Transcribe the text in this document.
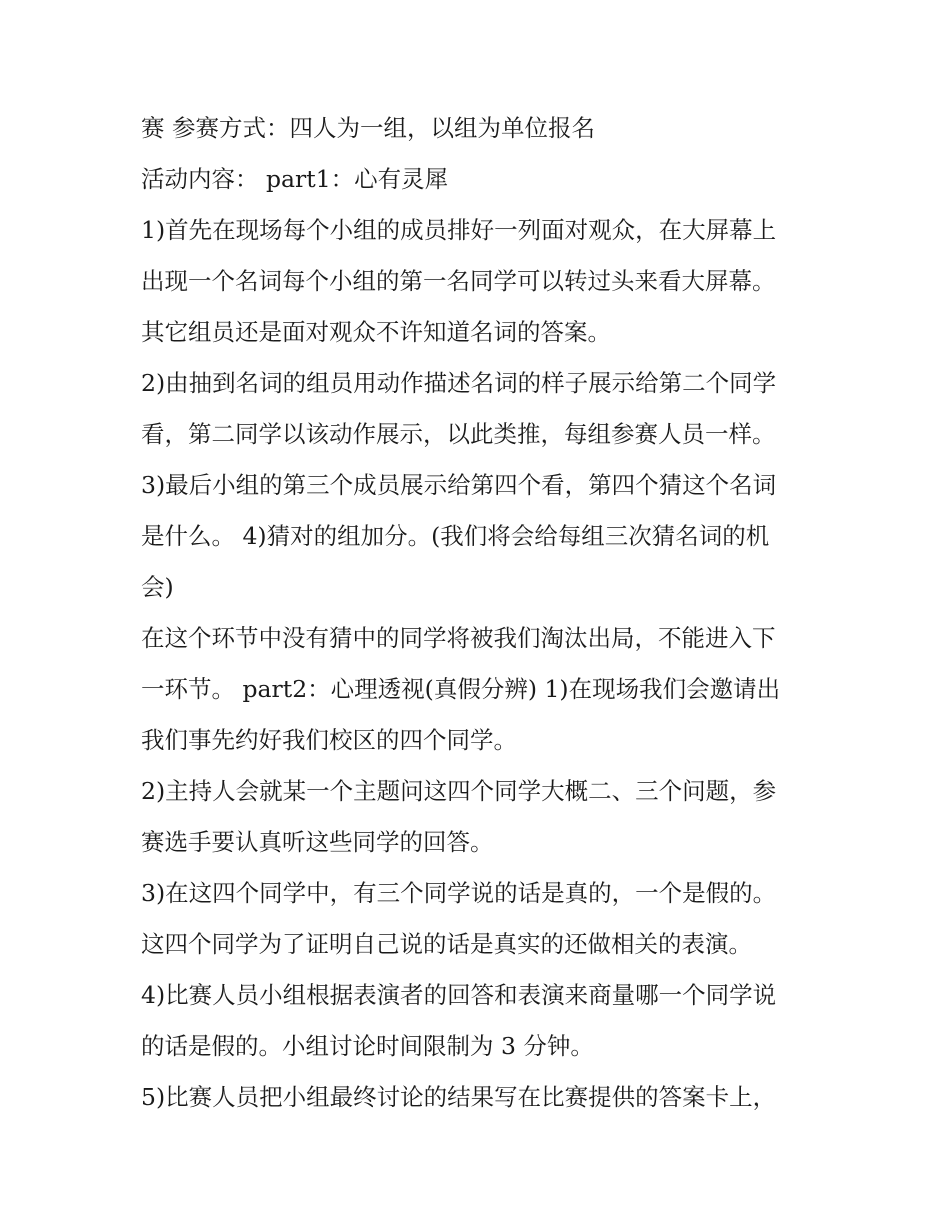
赛 参赛方式：四人为一组，以组为单位报名
活动内容： part1：心有灵犀
1)首先在现场每个小组的成员排好一列面对观众，在大屏幕上
出现一个名词每个小组的第一名同学可以转过头来看大屏幕。
其它组员还是面对观众不许知道名词的答案。
2)由抽到名词的组员用动作描述名词的样子展示给第二个同学
看，第二同学以该动作展示，以此类推，每组参赛人员一样。
3)最后小组的第三个成员展示给第四个看，第四个猜这个名词
是什么。 4)猜对的组加分。(我们将会给每组三次猜名词的机
会)
在这个环节中没有猜中的同学将被我们淘汰出局，不能进入下
一环节。 part2：心理透视(真假分辨) 1)在现场我们会邀请出
我们事先约好我们校区的四个同学。
2)主持人会就某一个主题问这四个同学大概二、三个问题，参
赛选手要认真听这些同学的回答。
3)在这四个同学中，有三个同学说的话是真的，一个是假的。
这四个同学为了证明自己说的话是真实的还做相关的表演。
4)比赛人员小组根据表演者的回答和表演来商量哪一个同学说
的话是假的。小组讨论时间限制为 3 分钟。
5)比赛人员把小组最终讨论的结果写在比赛提供的答案卡上，
